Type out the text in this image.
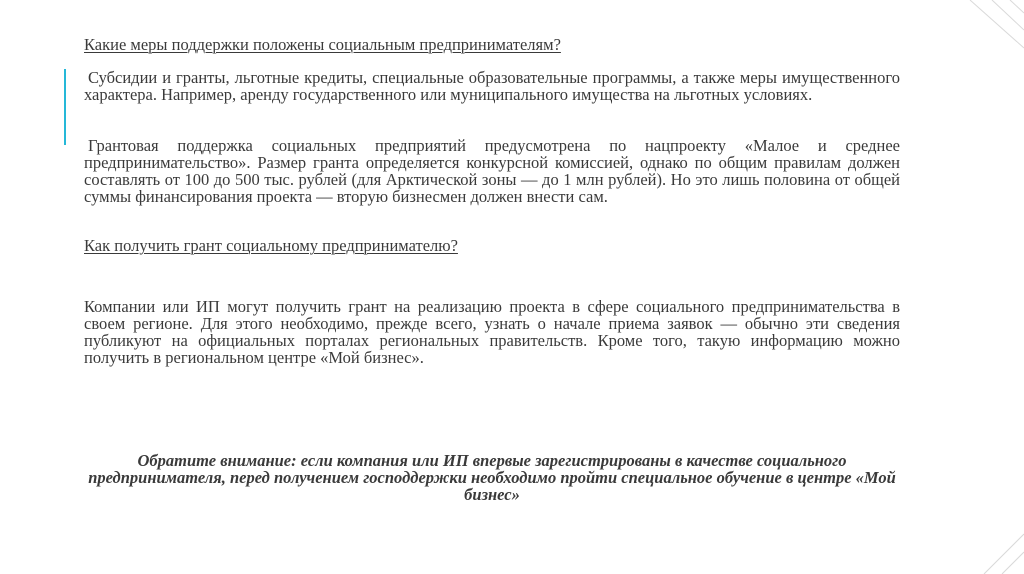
Какие меры поддержки положены социальным предпринимателям?

Субсидии и гранты, льготные кредиты, специальные образовательные программы, а также меры имущественного характера. Например, аренду государственного или муниципального имущества на льготных условиях.

Грантовая поддержка социальных предприятий предусмотрена по нацпроекту «Малое и среднее предпринимательство». Размер гранта определяется конкурсной комиссией, однако по общим правилам должен составлять от 100 до 500 тыс. рублей (для Арктической зоны — до 1 млн рублей). Но это лишь половина от общей суммы финансирования проекта — вторую бизнесмен должен внести сам.

Как получить грант социальному предпринимателю?

Компании или ИП могут получить грант на реализацию проекта в сфере социального предпринимательства в своем регионе. Для этого необходимо, прежде всего, узнать о начале приема заявок — обычно эти сведения публикуют на официальных порталах региональных правительств. Кроме того, такую информацию можно получить в региональном центре «Мой бизнес».

Обратите внимание: если компания или ИП впервые зарегистрированы в качестве социального предпринимателя, перед получением господдержки необходимо пройти специальное обучение в центре «Мой бизнес»
